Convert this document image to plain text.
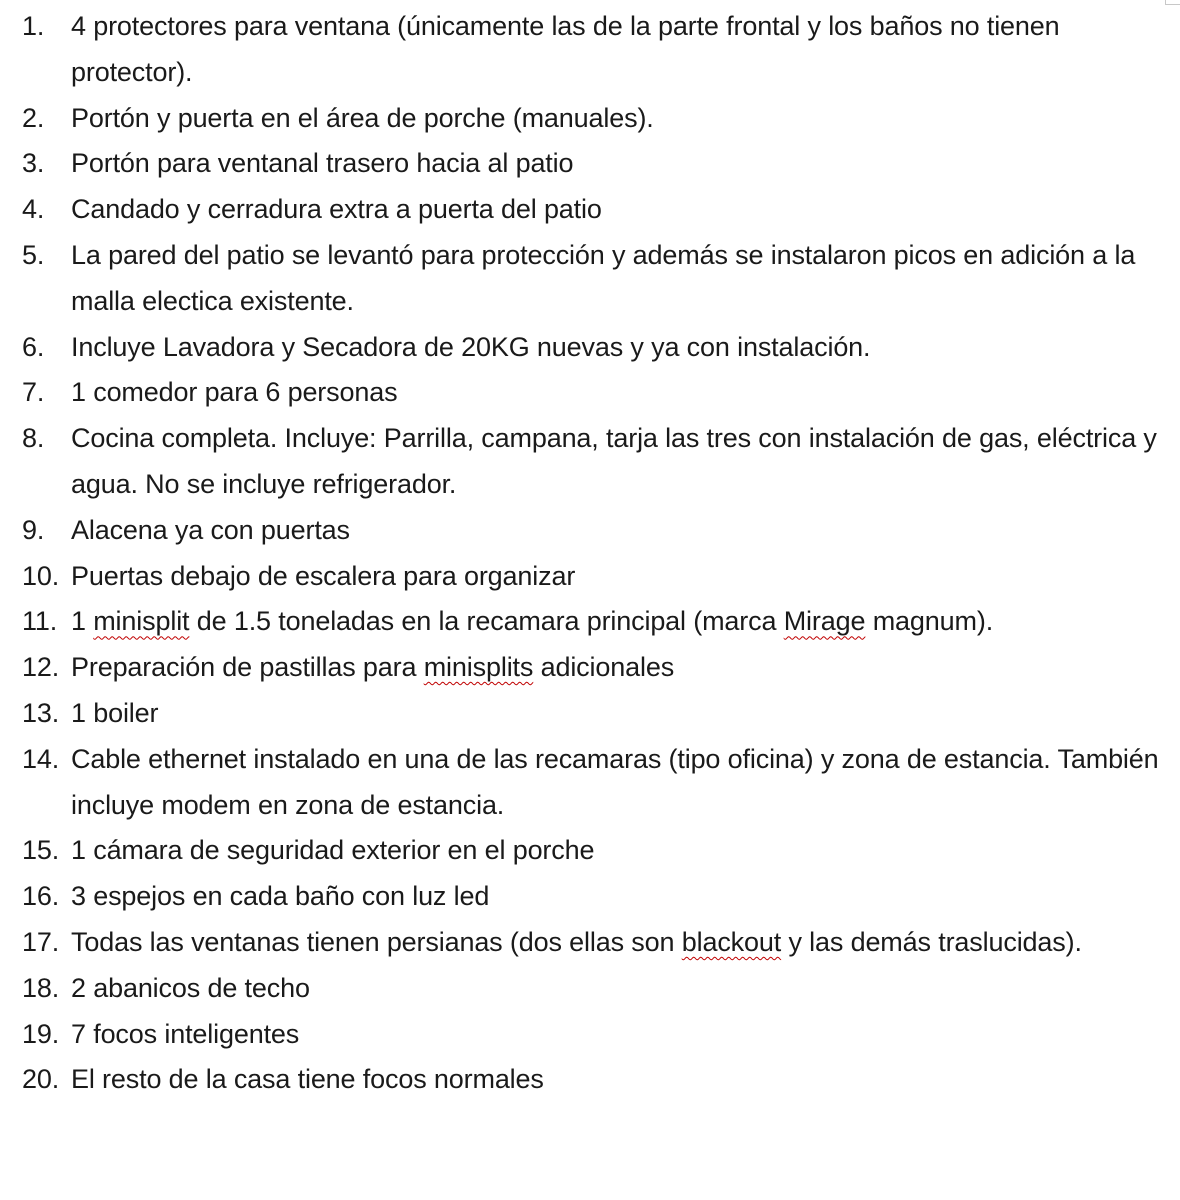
1. 4 protectores para ventana (únicamente las de la parte frontal y los baños no tienen protector).
2. Portón y puerta en el área de porche (manuales).
3. Portón para ventanal trasero hacia al patio
4. Candado y cerradura extra a puerta del patio
5. La pared del patio se levantó para protección y además se instalaron picos en adición a la malla electica existente.
6. Incluye Lavadora y Secadora de 20KG nuevas y ya con instalación.
7. 1 comedor para 6 personas
8. Cocina completa. Incluye: Parrilla, campana, tarja las tres con instalación de gas, eléctrica y agua. No se incluye refrigerador.
9. Alacena ya con puertas
10. Puertas debajo de escalera para organizar
11. 1 minisplit de 1.5 toneladas en la recamara principal (marca Mirage magnum).
12. Preparación de pastillas para minisplits adicionales
13. 1 boiler
14. Cable ethernet instalado en una de las recamaras (tipo oficina) y zona de estancia. También incluye modem en zona de estancia.
15. 1 cámara de seguridad exterior en el porche
16. 3 espejos en cada baño con luz led
17. Todas las ventanas tienen persianas (dos ellas son blackout y las demás traslucidas).
18. 2 abanicos de techo
19. 7 focos inteligentes
20. El resto de la casa tiene focos normales
